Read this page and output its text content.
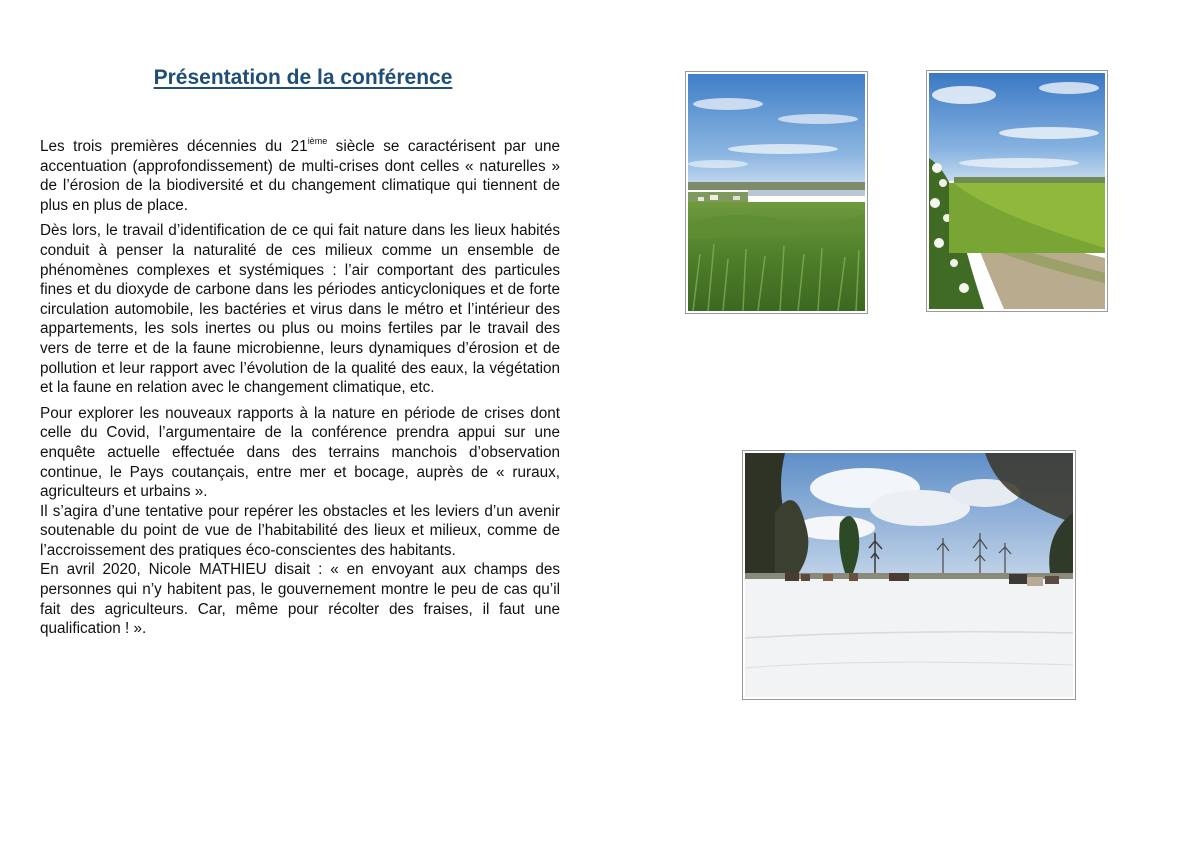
Présentation de la conférence

Les trois premières décennies du 21ième siècle se caractérisent par une accentuation (approfondissement) de multi-crises dont celles « naturelles » de l’érosion de la biodiversité et du changement climatique qui tiennent de plus en plus de place.

Dès lors, le travail d’identification de ce qui fait nature dans les lieux habités conduit à penser la naturalité de ces milieux comme un ensemble de phénomènes complexes et systémiques : l’air comportant des particules fines et du dioxyde de carbone dans les périodes anticycloniques et de forte circulation automobile, les bactéries et virus dans le métro et l’intérieur des appartements, les sols inertes ou plus ou moins fertiles par le travail des vers de terre et de la faune microbienne, leurs dynamiques d’érosion et de pollution et leur rapport avec l’évolution de la qualité des eaux, la végétation et la faune en relation avec le changement climatique, etc.

Pour explorer les nouveaux rapports à la nature en période de crises dont celle du Covid, l’argumentaire de la conférence prendra appui sur une enquête actuelle effectuée dans des terrains manchois d’observation continue, le Pays coutançais, entre mer et bocage, auprès de « ruraux, agriculteurs et urbains ».

Il s’agira d’une tentative pour repérer les obstacles et les leviers d’un avenir soutenable du point de vue de l’habitabilité des lieux et milieux, comme de l’accroissement des pratiques éco-conscientes des habitants.

En avril 2020, Nicole MATHIEU disait : « en envoyant aux champs des personnes qui n’y habitent pas, le gouvernement montre le peu de cas qu’il fait des agriculteurs. Car, même pour récolter des fraises, il faut une qualification ! ».
